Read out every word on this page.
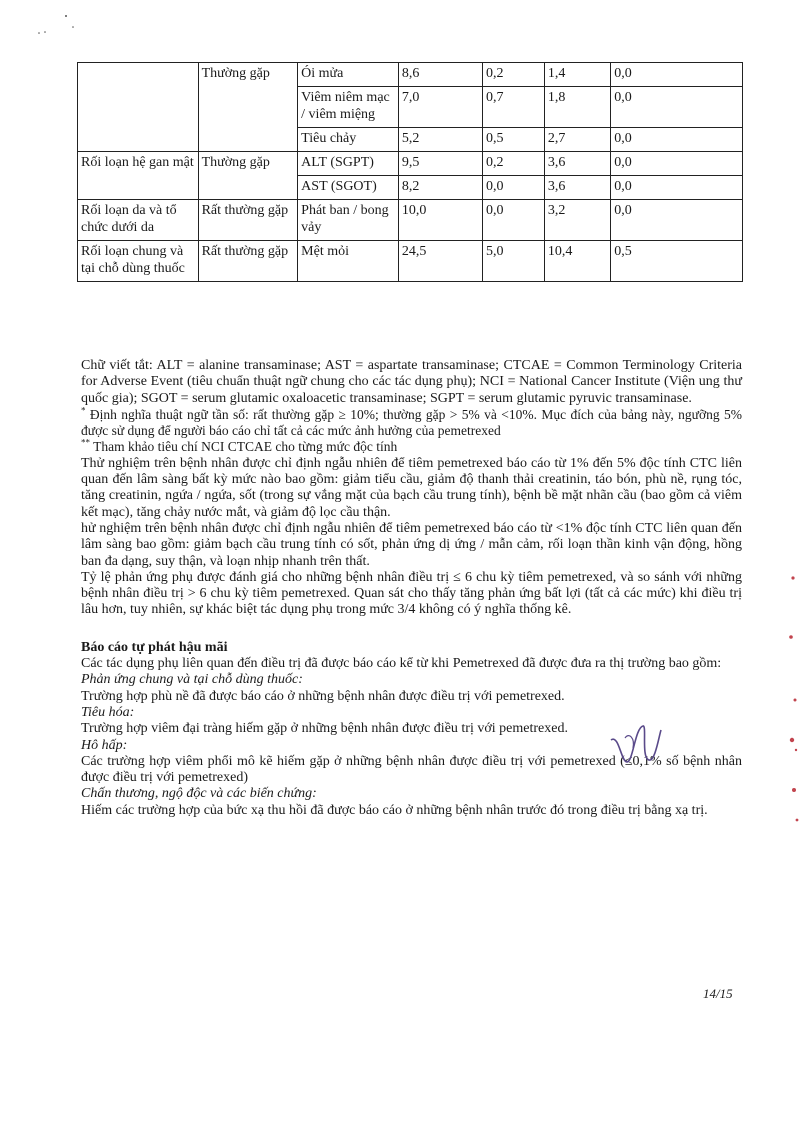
	Thường gặp	Ói mửa	8,6	0,2	1,4	0,0
		Viêm niêm mạc / viêm miệng	7,0	0,7	1,8	0,0
		Tiêu chảy	5,2	0,5	2,7	0,0
Rối loạn hệ gan mật	Thường gặp	ALT (SGPT)	9,5	0,2	3,6	0,0
		AST (SGOT)	8,2	0,0	3,6	0,0
Rối loạn da và tổ chức dưới da	Rất thường gặp	Phát ban / bong vảy	10,0	0,0	3,2	0,0
Rối loạn chung và tại chỗ dùng thuốc	Rất thường gặp	Mệt mỏi	24,5	5,0	10,4	0,5

Chữ viết tắt: ALT = alanine transaminase; AST = aspartate transaminase; CTCAE = Common Terminology Criteria for Adverse Event (tiêu chuẩn thuật ngữ chung cho các tác dụng phụ); NCI = National Cancer Institute (Viện ung thư quốc gia); SGOT = serum glutamic oxaloacetic transaminase; SGPT = serum glutamic pyruvic transaminase.

* Định nghĩa thuật ngữ tần số: rất thường gặp ≥ 10%; thường gặp > 5% và <10%. Mục đích của bảng này, ngưỡng 5% được sử dụng để người báo cáo chỉ tất cả các mức ảnh hưởng của pemetrexed

** Tham khảo tiêu chí NCI CTCAE cho từng mức độc tính

Thử nghiệm trên bệnh nhân được chỉ định ngẫu nhiên để tiêm pemetrexed báo cáo từ 1% đến 5% độc tính CTC liên quan đến lâm sàng bất kỳ mức nào bao gồm: giảm tiểu cầu, giảm độ thanh thải creatinin, táo bón, phù nề, rụng tóc, tăng creatinin, ngứa / ngứa, sốt (trong sự vắng mặt của bạch cầu trung tính), bệnh bề mặt nhãn cầu (bao gồm cả viêm kết mạc), tăng chảy nước mắt, và giảm độ lọc cầu thận.

hử nghiệm trên bệnh nhân được chỉ định ngẫu nhiên để tiêm pemetrexed báo cáo từ <1% độc tính CTC liên quan đến lâm sàng bao gồm: giảm bạch cầu trung tính có sốt, phản ứng dị ứng / mẫn cảm, rối loạn thần kinh vận động, hồng ban đa dạng, suy thận, và loạn nhịp nhanh trên thất.

Tỷ lệ phản ứng phụ được đánh giá cho những bệnh nhân điều trị ≤ 6 chu kỳ tiêm pemetrexed, và so sánh với những bệnh nhân điều trị > 6 chu kỳ tiêm pemetrexed. Quan sát cho thấy tăng phản ứng bất lợi (tất cả các mức) khi điều trị lâu hơn, tuy nhiên, sự khác biệt tác dụng phụ trong mức 3/4 không có ý nghĩa thống kê.

Báo cáo tự phát hậu mãi

Các tác dụng phụ liên quan đến điều trị đã được báo cáo kể từ khi Pemetrexed đã được đưa ra thị trường bao gồm:

Phản ứng chung và tại chỗ dùng thuốc:

Trường hợp phù nề đã được báo cáo ở những bệnh nhân được điều trị với pemetrexed.

Tiêu hóa:

Trường hợp viêm đại tràng hiếm gặp ở những bệnh nhân được điều trị với pemetrexed.

Hô hấp:

Các trường hợp viêm phổi mô kẽ hiếm gặp ở những bệnh nhân được điều trị với pemetrexed (≤0,1% số bệnh nhân được điều trị với pemetrexed)

Chấn thương, ngộ độc và các biến chứng:

Hiếm các trường hợp của bức xạ thu hồi đã được báo cáo ở những bệnh nhân trước đó trong điều trị bằng xạ trị.

14/15
